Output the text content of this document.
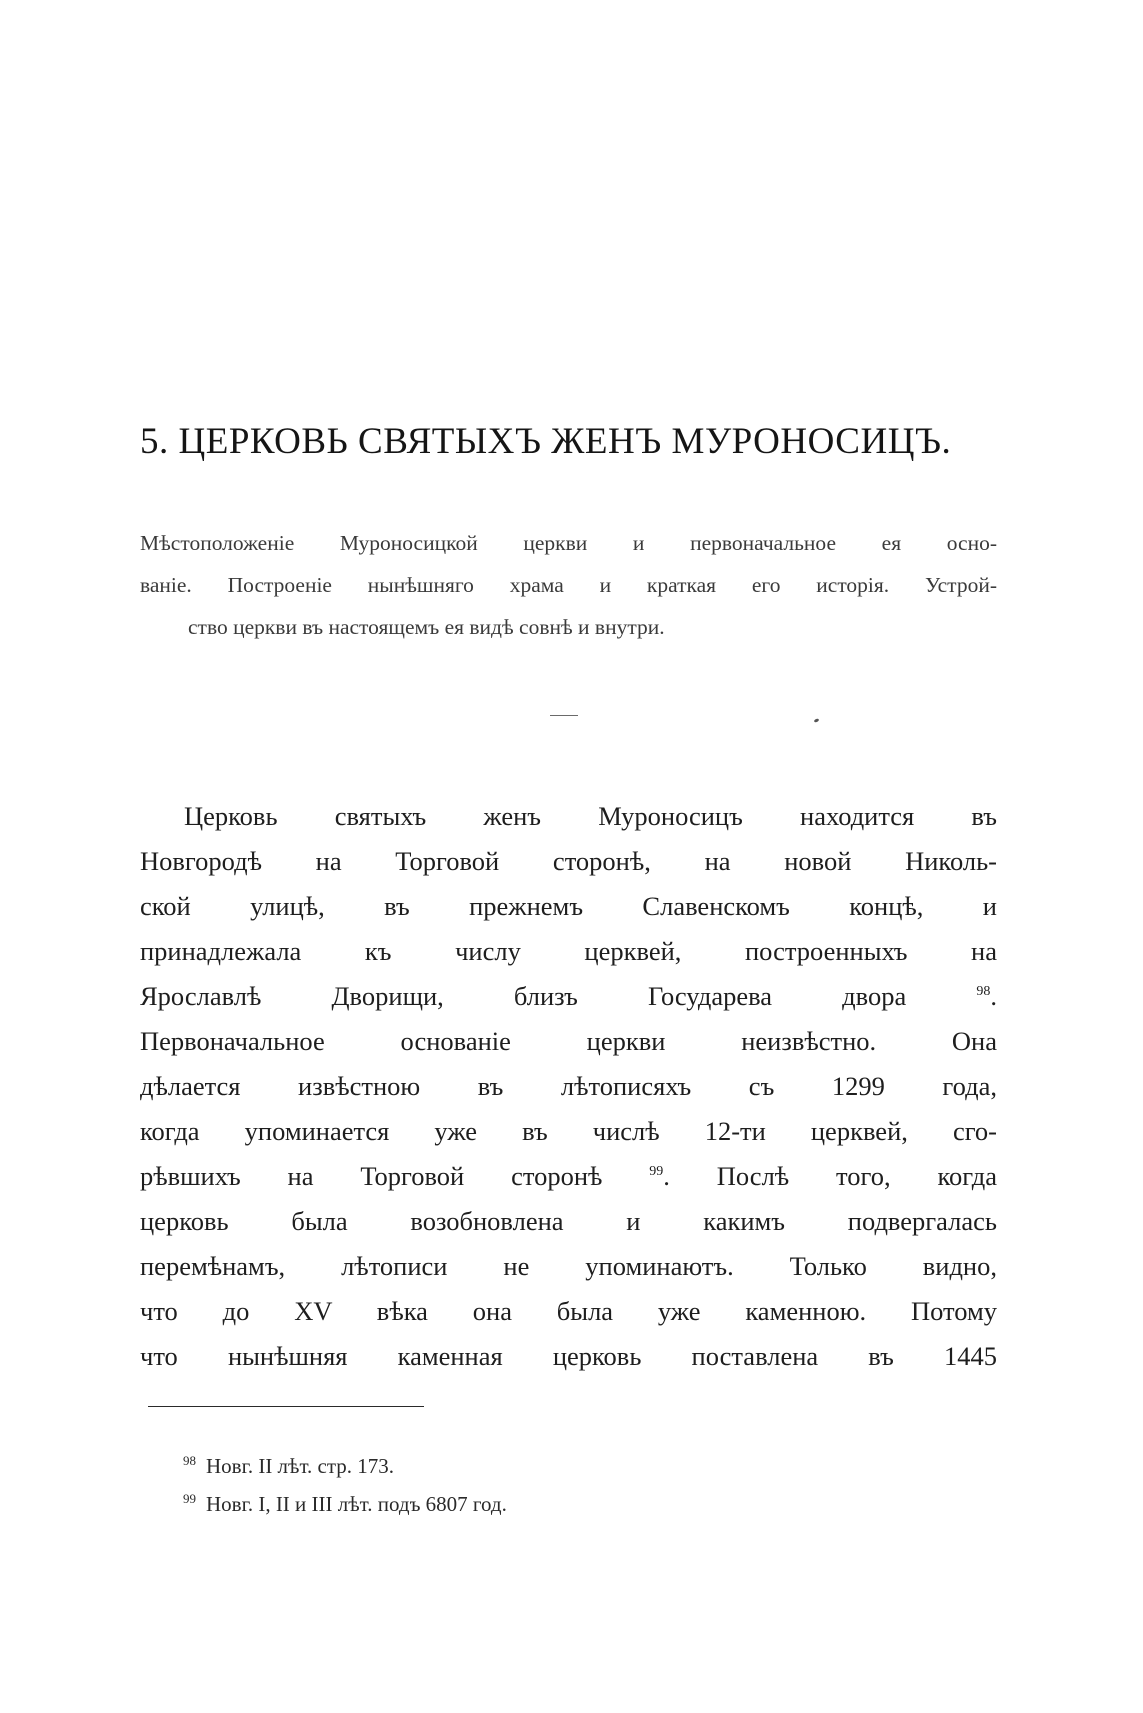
5. ЦЕРКОВЬ СВЯТЫХЪ ЖЕНЪ МУРОНОСИЦЪ.
Мѣстоположеніе Муроносицкой церкви и первоначальное ея осно-
ваніе. Построеніе нынѣшняго храма и краткая его исторія. Устрой-
ство церкви въ настоящемъ ея видѣ совнѣ и внутри.
Церковь святыхъ женъ Муроносицъ находится въ
Новгородѣ на Торговой сторонѣ, на новой Николь-
ской улицѣ, въ прежнемъ Славенскомъ концѣ, и
принадлежала къ числу церквей, построенныхъ на
Ярославлѣ Дворищи, близъ Государева двора	$^{98}$.
Первоначальное основаніе церкви неизвѣстно. Она
дѣлается извѣстною въ лѣтописяхъ съ 1299 года,
когда упоминается уже въ числѣ 12-ти церквей, сго-
рѣвшихъ на Торговой сторонѣ	$^{99}$. Послѣ того, когда
церковь была возобновлена и какимъ подвергалась
перемѣнамъ, лѣтописи не упоминаютъ. Только видно,
что до XV вѣка она была уже каменною. Потому
что нынѣшняя каменная церковь поставлена въ 1445
$^{98}$ Новг. II лѣт. стр. 173.
$^{99}$ Новг. I, II и III лѣт. подъ 6807 год.
